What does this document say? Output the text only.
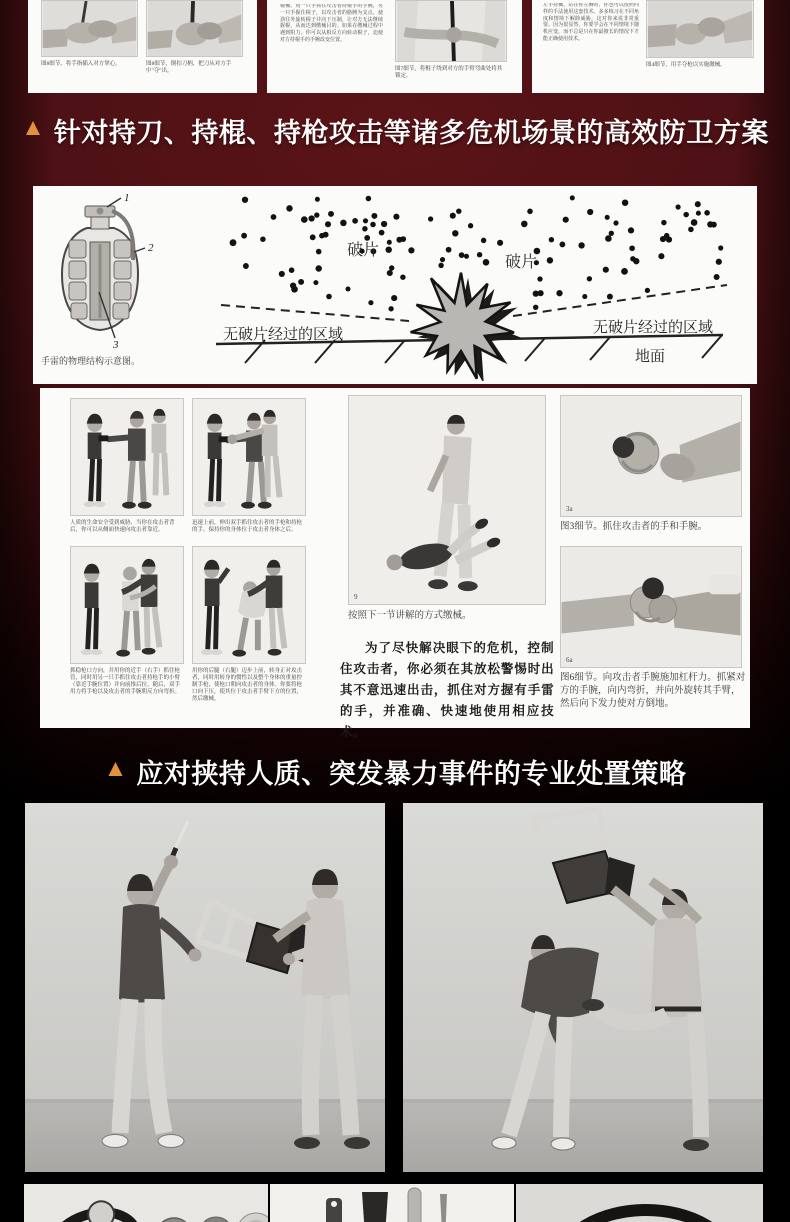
图8细节，将手指插入对方掌心。	图8细节，倒扣刀柄，把刀从对方手中"夺"出。
棍械。用一只手抓住攻击者持棍手的手腕，另一只手握住棍子，以攻击者的胳膊为支点，使劲往外旋转棍子并向下压制，让对方无法继续握棍，从而达到缴械目的。如果在缴械过程中遇到阻力，你可以从相反方向转动棍子，迫使对方持棍手的手腕改变位置。
图7细节，将棍子绕到对方的手臂弯曲处将其锁定。
左手持械、站在你左侧时，你也可以按照同样的手法使用这套技术。多多练习在不同角度和情境下解除威胁，这对你来说非常重要。因为很显然，你要学会在不同情境下随机应变，而不总是只在你最擅长的情况下才能正确使用技术。
图4细节，用手夺枪以实施缴械。
▲ 针对持刀、持棍、持枪攻击等诸多危机场景的高效防卫方案
1
2
3
手雷的物理结构示意图。
破片
破片
无破片经过的区域	无破片经过的区域
地面
人质的生命安全受到威胁，当你在攻击者背后，你可以从侧面快速向攻击者靠近。
迅速上前，伸出双手抓住攻击者的手枪和持枪的手，保持你的身体位于攻击者身体之后。
抓稳枪口方向，并用你的近手（右手）抓住枪管，同时用另一只手抓住攻击者持枪手的小臂（靠近手腕位置）并向前推后拉。随后，双手用力将手枪以及攻击者的手腕朝反方向弯折。
用你的后腿（右腿）迈步上前，转身正对攻击者，同时用转身的惯性以及整个身体的重量控制手枪，使枪口朝向攻击者的身体。你要将枪口向下压，使其位于攻击者手臂下方的位置，然后缴械。
9
按照下一节讲解的方式缴械。
为了尽快解决眼下的危机，控制住攻击者，你必须在其放松警惕时出其不意迅速出击，抓住对方握有手雷的手，并准确、快速地使用相应技术。
3a
图3细节。抓住攻击者的手和手腕。
6a
图6细节。向攻击者手腕施加杠杆力。抓紧对方的手腕，向内弯折，并向外旋转其手臂，然后向下发力使对方倒地。
▲ 应对挟持人质、突发暴力事件的专业处置策略
